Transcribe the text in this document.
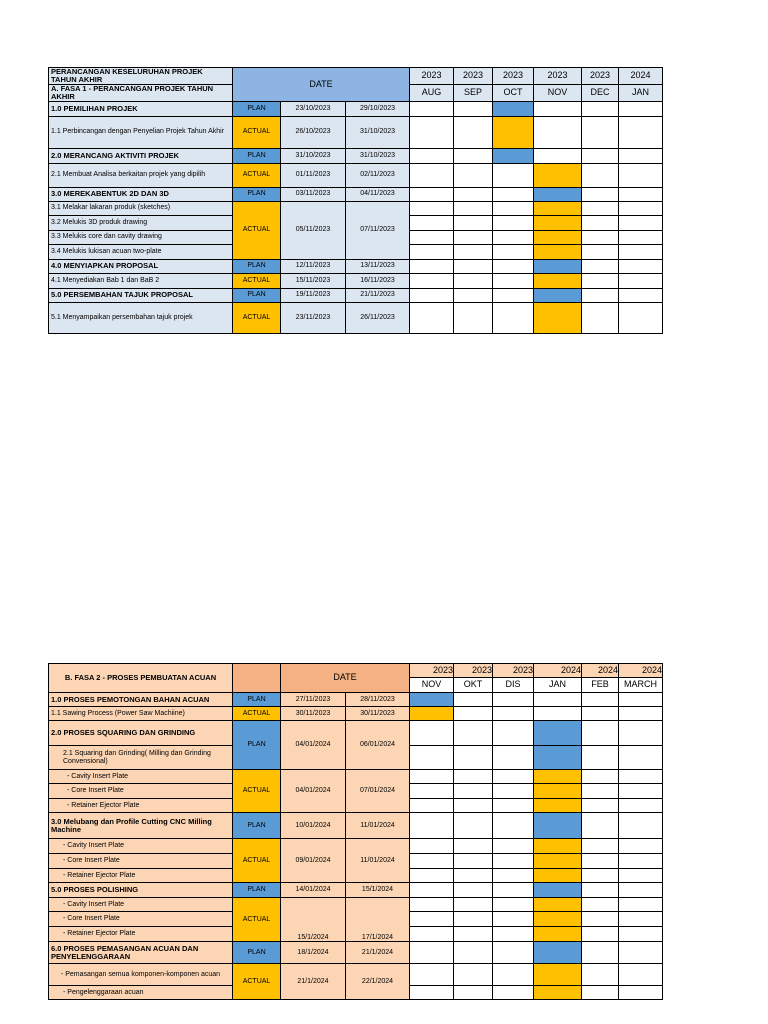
PERANCANGAN KESELURUHAN PROJEK TAHUN AKHIR	DATE			2023	2023	2023	2023	2023	2024
A. FASA 1 - PERANCANGAN PROJEK TAHUN AKHIR				AUG	SEP	OCT	NOV	DEC	JAN
1.0 PEMILIHAN PROJEK	PLAN	23/10/2023	29/10/2023						
1.1 Perbincangan dengan Penyelian Projek Tahun Akhir	ACTUAL	26/10/2023	31/10/2023						
2.0 MERANCANG AKTIVITI PROJEK	PLAN	31/10/2023	31/10/2023						
2.1 Membuat Analisa berkaitan projek yang dipilih	ACTUAL	01/11/2023	02/11/2023						
3.0 MEREKABENTUK 2D DAN 3D	PLAN	03/11/2023	04/11/2023						
3.1 Melakar lakaran produk (sketches)	ACTUAL	05/11/2023	07/11/2023						
3.2 Melukis 3D produk drawing									
3.3 Melukis core dan cavity drawing									
3.4 Melukis lukisan acuan two-plate									
4.0 MENYIAPKAN PROPOSAL	PLAN	12/11/2023	13/11/2023						
4.1 Menyediakan Bab 1 dan BaB 2	ACTUAL	15/11/2023	16/11/2023						
5.0 PERSEMBAHAN TAJUK PROPOSAL	PLAN	19/11/2023	21/11/2023						
5.1 Menyampaikan persembahan tajuk projek	ACTUAL	23/11/2023	26/11/2023						
B. FASA 2 - PROSES PEMBUATAN ACUAN		DATE		2023	2023	2023	2024	2024	2024
				NOV	OKT	DIS	JAN	FEB	MARCH
1.0 PROSES PEMOTONGAN BAHAN ACUAN	PLAN	27/11/2023	28/11/2023						
1.1 Sawing Process (Power Saw Machiine)	ACTUAL	30/11/2023	30/11/2023						
2.0 PROSES SQUARING DAN GRINDING	PLAN	04/01/2024	06/01/2024						
2.1 Squaring dan Grinding( Milling dan Grinding Convensional)									
- Cavity Insert Plate	ACTUAL	04/01/2024	07/01/2024						
- Core Insert Plate									
- Retainer Ejector Plate									
3.0 Melubang dan Profile Cutting CNC Milling Machine	PLAN	10/01/2024	11/01/2024						
- Cavity Insert Plate	ACTUAL	09/01/2024	11/01/2024						
- Core Insert Plate									
- Retainer Ejector Plate									
5.0 PROSES POLISHING	PLAN	14/01/2024	15/1/2024						
- Cavity Insert Plate	ACTUAL	15/1/2024	17/1/2024						
- Core Insert Plate									
- Retainer Ejector Plate									
6.0 PROSES PEMASANGAN ACUAN DAN PENYELENGGARAAN	PLAN	18/1/2024	21/1/2024						
- Pemasangan semua komponen-komponen acuan	ACTUAL	21/1/2024	22/1/2024						
- Pengelenggaraan acuan									
